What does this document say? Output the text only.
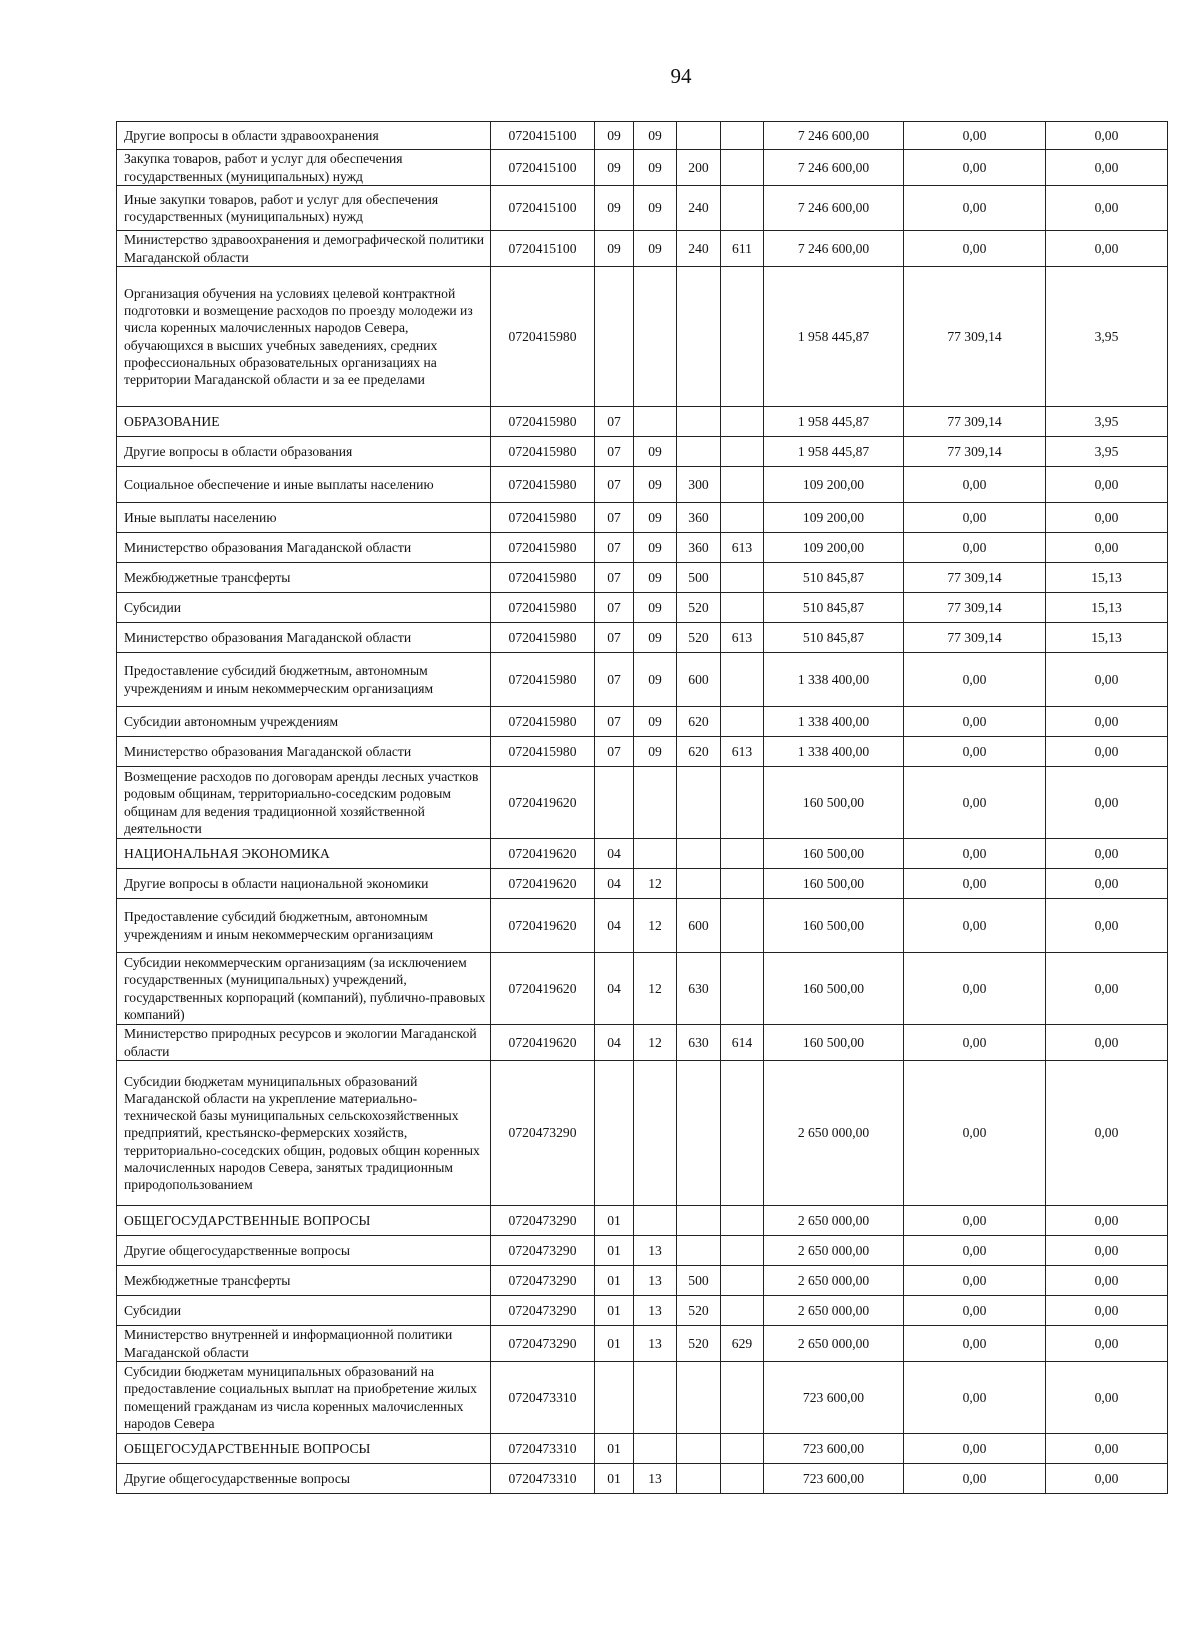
94
Другие вопросы в области здравоохранения	0720415100	09	09			7 246 600,00	0,00	0,00
Закупка товаров, работ и услуг для обеспечения государственных (муниципальных) нужд	0720415100	09	09	200		7 246 600,00	0,00	0,00
Иные закупки товаров, работ и услуг для обеспечения государственных (муниципальных) нужд	0720415100	09	09	240		7 246 600,00	0,00	0,00
Министерство здравоохранения и демографической политики Магаданской области	0720415100	09	09	240	611	7 246 600,00	0,00	0,00
Организация обучения на условиях целевой контрактной подготовки и возмещение расходов по проезду молодежи из числа коренных малочисленных народов Севера, обучающихся в высших учебных заведениях, средних профессиональных образовательных организациях на территории Магаданской области и за ее пределами	0720415980					1 958 445,87	77 309,14	3,95
ОБРАЗОВАНИЕ	0720415980	07				1 958 445,87	77 309,14	3,95
Другие вопросы в области образования	0720415980	07	09			1 958 445,87	77 309,14	3,95
Социальное обеспечение и иные выплаты населению	0720415980	07	09	300		109 200,00	0,00	0,00
Иные выплаты населению	0720415980	07	09	360		109 200,00	0,00	0,00
Министерство образования Магаданской области	0720415980	07	09	360	613	109 200,00	0,00	0,00
Межбюджетные трансферты	0720415980	07	09	500		510 845,87	77 309,14	15,13
Субсидии	0720415980	07	09	520		510 845,87	77 309,14	15,13
Министерство образования Магаданской области	0720415980	07	09	520	613	510 845,87	77 309,14	15,13
Предоставление субсидий бюджетным, автономным учреждениям и иным некоммерческим организациям	0720415980	07	09	600		1 338 400,00	0,00	0,00
Субсидии автономным учреждениям	0720415980	07	09	620		1 338 400,00	0,00	0,00
Министерство образования Магаданской области	0720415980	07	09	620	613	1 338 400,00	0,00	0,00
Возмещение расходов по договорам аренды лесных участков родовым общинам, территориально-соседским родовым общинам для ведения традиционной хозяйственной деятельности	0720419620					160 500,00	0,00	0,00
НАЦИОНАЛЬНАЯ ЭКОНОМИКА	0720419620	04				160 500,00	0,00	0,00
Другие вопросы в области национальной экономики	0720419620	04	12			160 500,00	0,00	0,00
Предоставление субсидий бюджетным, автономным учреждениям и иным некоммерческим организациям	0720419620	04	12	600		160 500,00	0,00	0,00
Субсидии некоммерческим организациям (за исключением государственных (муниципальных) учреждений, государственных корпораций (компаний), публично-правовых компаний)	0720419620	04	12	630		160 500,00	0,00	0,00
Министерство природных ресурсов и экологии Магаданской области	0720419620	04	12	630	614	160 500,00	0,00	0,00
Субсидии бюджетам муниципальных образований Магаданской области на укрепление материально-технической базы муниципальных сельскохозяйственных предприятий, крестьянско-фермерских хозяйств, территориально-соседских общин, родовых общин коренных малочисленных народов Севера, занятых традиционным природопользованием	0720473290					2 650 000,00	0,00	0,00
ОБЩЕГОСУДАРСТВЕННЫЕ ВОПРОСЫ	0720473290	01				2 650 000,00	0,00	0,00
Другие общегосударственные вопросы	0720473290	01	13			2 650 000,00	0,00	0,00
Межбюджетные трансферты	0720473290	01	13	500		2 650 000,00	0,00	0,00
Субсидии	0720473290	01	13	520		2 650 000,00	0,00	0,00
Министерство внутренней и информационной политики Магаданской области	0720473290	01	13	520	629	2 650 000,00	0,00	0,00
Субсидии бюджетам муниципальных образований на предоставление социальных выплат на приобретение жилых помещений гражданам из числа коренных малочисленных народов Севера	0720473310					723 600,00	0,00	0,00
ОБЩЕГОСУДАРСТВЕННЫЕ ВОПРОСЫ	0720473310	01				723 600,00	0,00	0,00
Другие общегосударственные вопросы	0720473310	01	13			723 600,00	0,00	0,00
